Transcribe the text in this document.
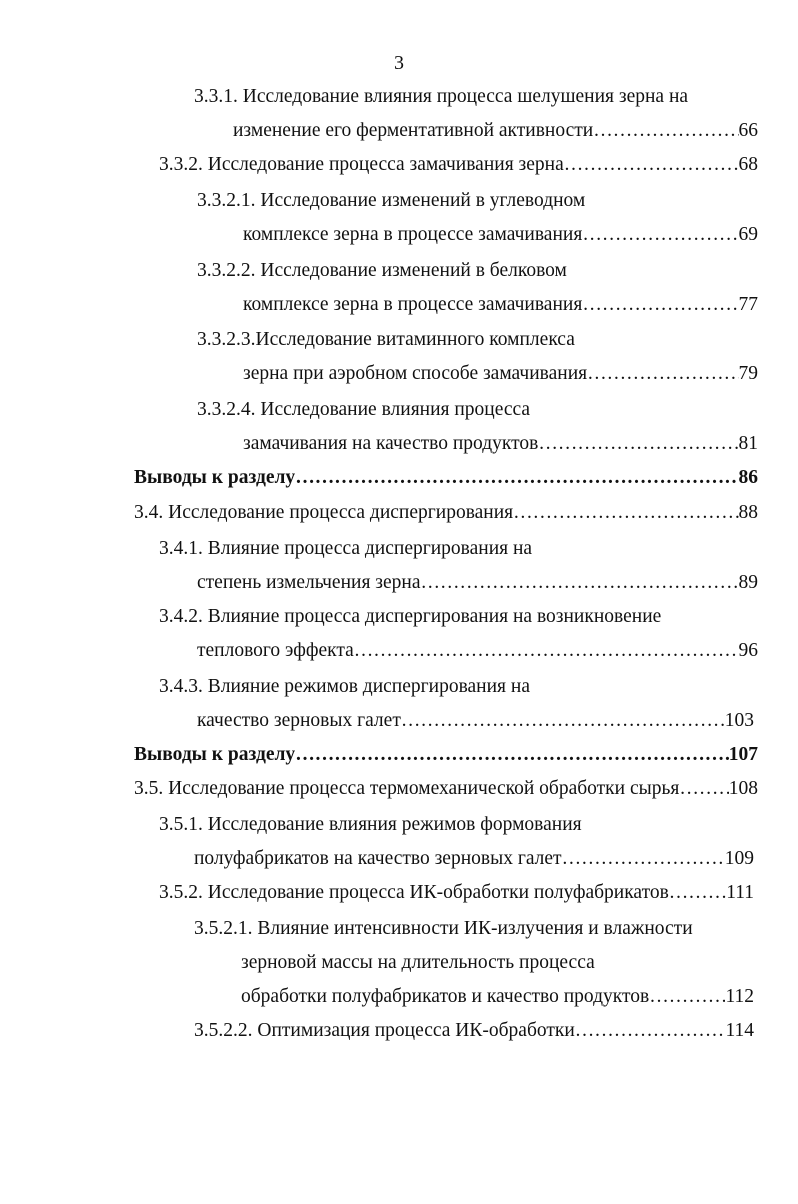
3
3.3.1. Исследование влияния процесса шелушения зерна на
изменение его ферментативной активности ………………………………………………………………………………………………………………………………………………………………………………………………	66
3.3.2. Исследование процесса замачивания зерна ………………………………………………………………………………………………………………………………………………………………………………………………	68
3.3.2.1. Исследование изменений в углеводном
комплексе зерна в процессе замачивания ………………………………………………………………………………………………………………………………………………………………………………………………	69
3.3.2.2. Исследование изменений в белковом
комплексе зерна в процессе замачивания ………………………………………………………………………………………………………………………………………………………………………………………………	77
3.3.2.3.Исследование витаминного комплекса
зерна при аэробном способе замачивания ………………………………………………………………………………………………………………………………………………………………………………………………	79
3.3.2.4. Исследование влияния процесса
замачивания на качество продуктов ………………………………………………………………………………………………………………………………………………………………………………………………	81
Выводы к разделу ………………………………………………………………………………………………………………………………………………………………………………………………	86
3.4. Исследование процесса диспергирования ………………………………………………………………………………………………………………………………………………………………………………………………	88
3.4.1. Влияние процесса диспергирования на
степень измельчения зерна ………………………………………………………………………………………………………………………………………………………………………………………………	89
3.4.2. Влияние процесса диспергирования на возникновение
теплового эффекта ………………………………………………………………………………………………………………………………………………………………………………………………	96
3.4.3. Влияние режимов диспергирования на
качество зерновых галет ………………………………………………………………………………………………………………………………………………………………………………………………	103
Выводы к разделу ………………………………………………………………………………………………………………………………………………………………………………………………	107
3.5. Исследование процесса термомеханической обработки сырья ………………………………………………………………………………………………………………………………………………………………………………………………	108
3.5.1. Исследование влияния режимов формования
полуфабрикатов на качество зерновых галет ………………………………………………………………………………………………………………………………………………………………………………………………	109
3.5.2. Исследование процесса ИК-обработки полуфабрикатов ………………………………………………………………………………………………………………………………………………………………………………………………	111
3.5.2.1. Влияние интенсивности ИК-излучения и влажности
зерновой массы на длительность процесса
обработки полуфабрикатов и качество продуктов ………………………………………………………………………………………………………………………………………………………………………………………………	112
3.5.2.2. Оптимизация процесса ИК-обработки ………………………………………………………………………………………………………………………………………………………………………………………………	114
